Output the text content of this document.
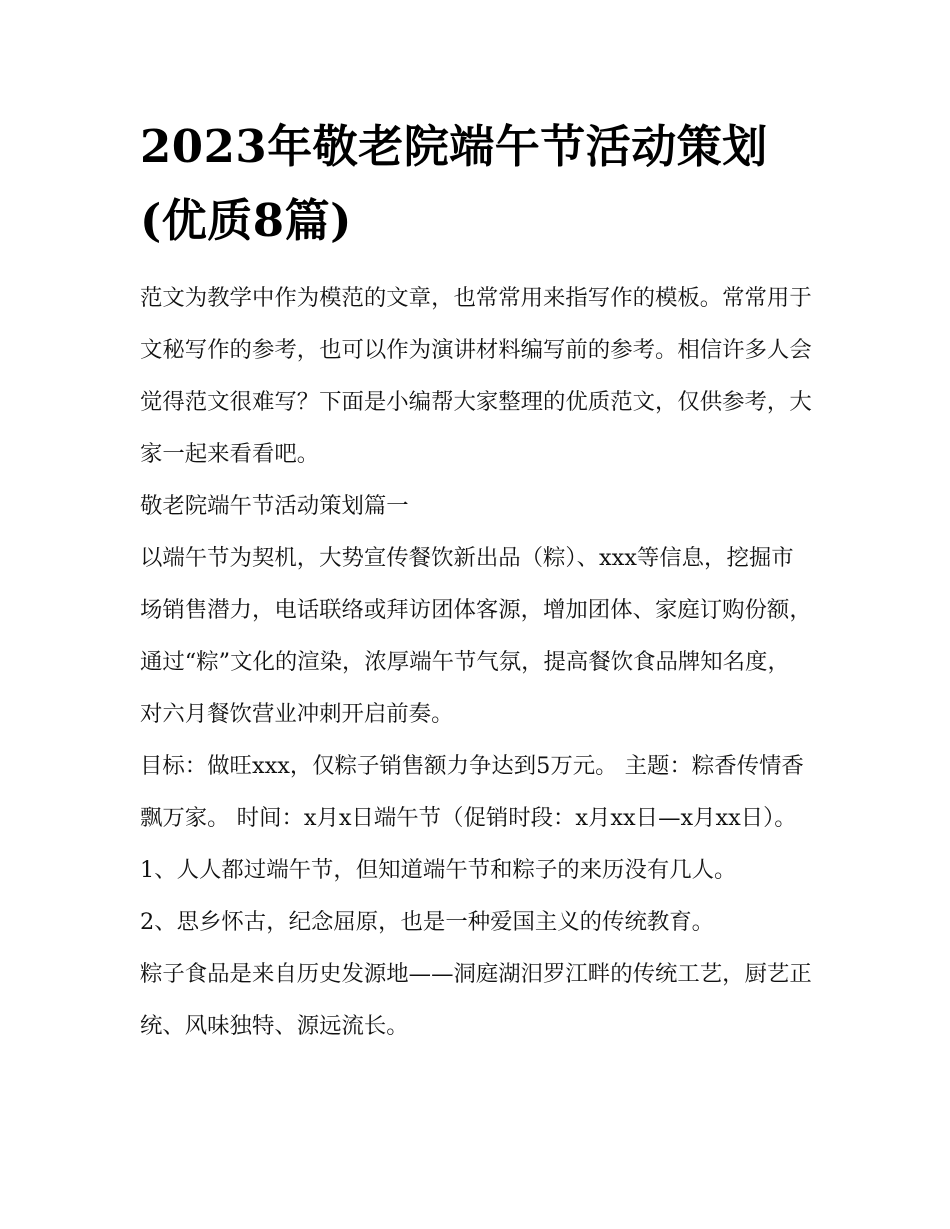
2023年敬老院端午节活动策划(优质8篇)

范文为教学中作为模范的文章，也常常用来指写作的模板。常常用于文秘写作的参考，也可以作为演讲材料编写前的参考。相信许多人会觉得范文很难写？下面是小编帮大家整理的优质范文，仅供参考，大家一起来看看吧。

敬老院端午节活动策划篇一

以端午节为契机，大势宣传餐饮新出品（粽）、xxx等信息，挖掘市场销售潜力，电话联络或拜访团体客源，增加团体、家庭订购份额，通过“粽”文化的渲染，浓厚端午节气氛，提高餐饮食品牌知名度，对六月餐饮营业冲刺开启前奏。

目标：做旺xxx，仅粽子销售额力争达到5万元。 主题：粽香传情香飘万家。 时间：x月x日端午节（促销时段：x月xx日—x月xx日）。

1、人人都过端午节，但知道端午节和粽子的来历没有几人。

2、思乡怀古，纪念屈原，也是一种爱国主义的传统教育。

粽子食品是来自历史发源地——洞庭湖汨罗江畔的传统工艺，厨艺正统、风味独特、源远流长。
